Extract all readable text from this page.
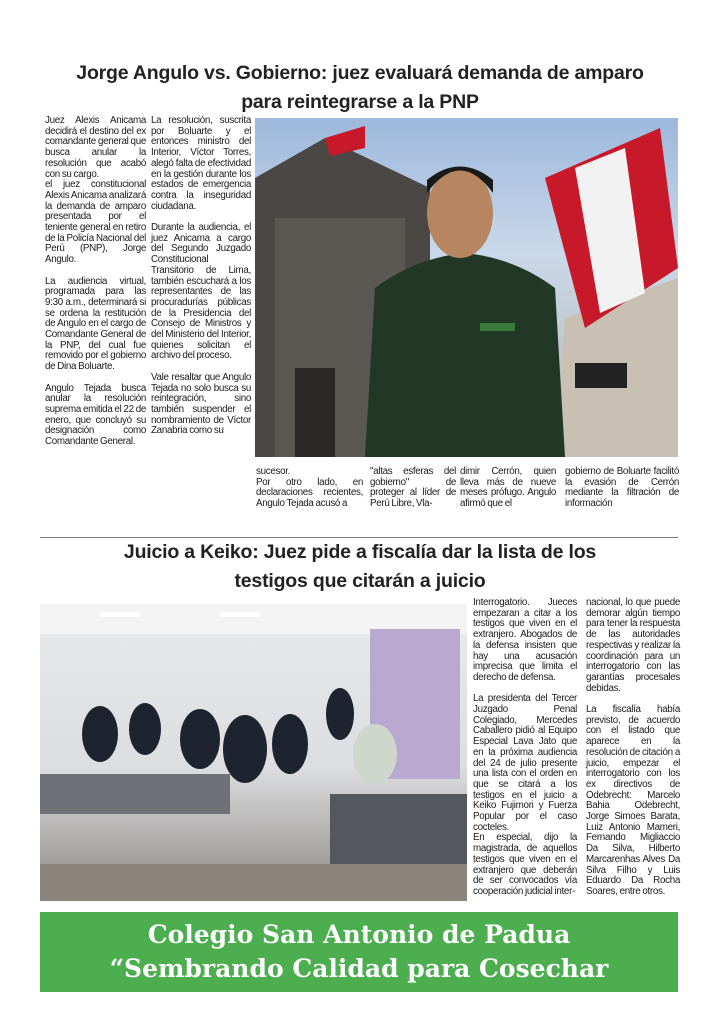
Jorge Angulo vs. Gobierno: juez evaluará demanda de amparo
para reintegrarse a la PNP

Juez Alexis Anicama decidirá el destino del ex comandante general que busca anular la resolución que acabó con su cargo.

el juez constitucional Alexis Anicama analizará la demanda de amparo presentada por el teniente general en retiro de la Policía Nacional del Perú (PNP), Jorge Angulo.

La audiencia virtual, programada para las 9:30 a.m., determinará si se ordena la restitución de Angulo en el cargo de Comandante General de la PNP, del cual fue removido por el gobierno de Dina Boluarte.

Angulo Tejada busca anular la resolución suprema emitida el 22 de enero, que concluyó su designación como Comandante General.

La resolución, suscrita por Boluarte y el entonces ministro del Interior, Víctor Torres, alegó falta de efectividad en la gestión durante los estados de emergencia contra la inseguridad ciudadana.

Durante la audiencia, el juez Anicama a cargo del Segundo Juzgado Constitucional Transitorio de Lima, también escuchará a los representantes de las procuradurías públicas de la Presidencia del Consejo de Ministros y del Ministerio del Interior, quienes solicitan el archivo del proceso.

Vale resaltar que Angulo Tejada no solo busca su reintegración, sino también suspender el nombramiento de Víctor Zanabria como su

sucesor.

Por otro lado, en declaraciones recientes, Angulo Tejada acusó a

"altas esferas del gobierno" de proteger al líder de Perú Libre, Vla-

dimir Cerrón, quien lleva más de nueve meses prófugo. Angulo afirmó que el

gobierno de Boluarte facilitó la evasión de Cerrón mediante la filtración de información

Juicio a Keiko: Juez pide a fiscalía dar la lista de los
testigos que citarán a juicio

Interrogatorio. Jueces empezaran a citar a los testigos que viven en el extranjero. Abogados de la defensa insisten que hay una acusación imprecisa que limita el derecho de defensa.

La presidenta del Tercer Juzgado Penal Colegiado, Mercedes Caballero pidió al Equipo Especial Lava Jato que en la próxima audiencia del 24 de julio presente una lista con el orden en que se citará a los testigos en el juicio a Keiko Fujimori y Fuerza Popular por el caso cocteles.

En especial, dijo la magistrada, de aquellos testigos que viven en el extranjero que deberán de ser convocados vía cooperación judicial inter-

nacional, lo que puede demorar algún tiempo para tener la respuesta de las autoridades respectivas y realizar la coordinación para un interrogatorio con las garantías procesales debidas.

La fiscalía había previsto, de acuerdo con el listado que aparece en la resolución de citación a juicio, empezar el interrogatorio con los ex directivos de Odebrecht: Marcelo Bahia Odebrecht, Jorge Simoes Barata, Luiz Antonio Mameri, Fernando Migliaccio Da Silva, Hilberto Marcarenhas Alves Da Silva Filho y Luis Eduardo Da Rocha Soares, entre otros.

Colegio San Antonio de Padua
“Sembrando Calidad para Cosechar Excelencia”
